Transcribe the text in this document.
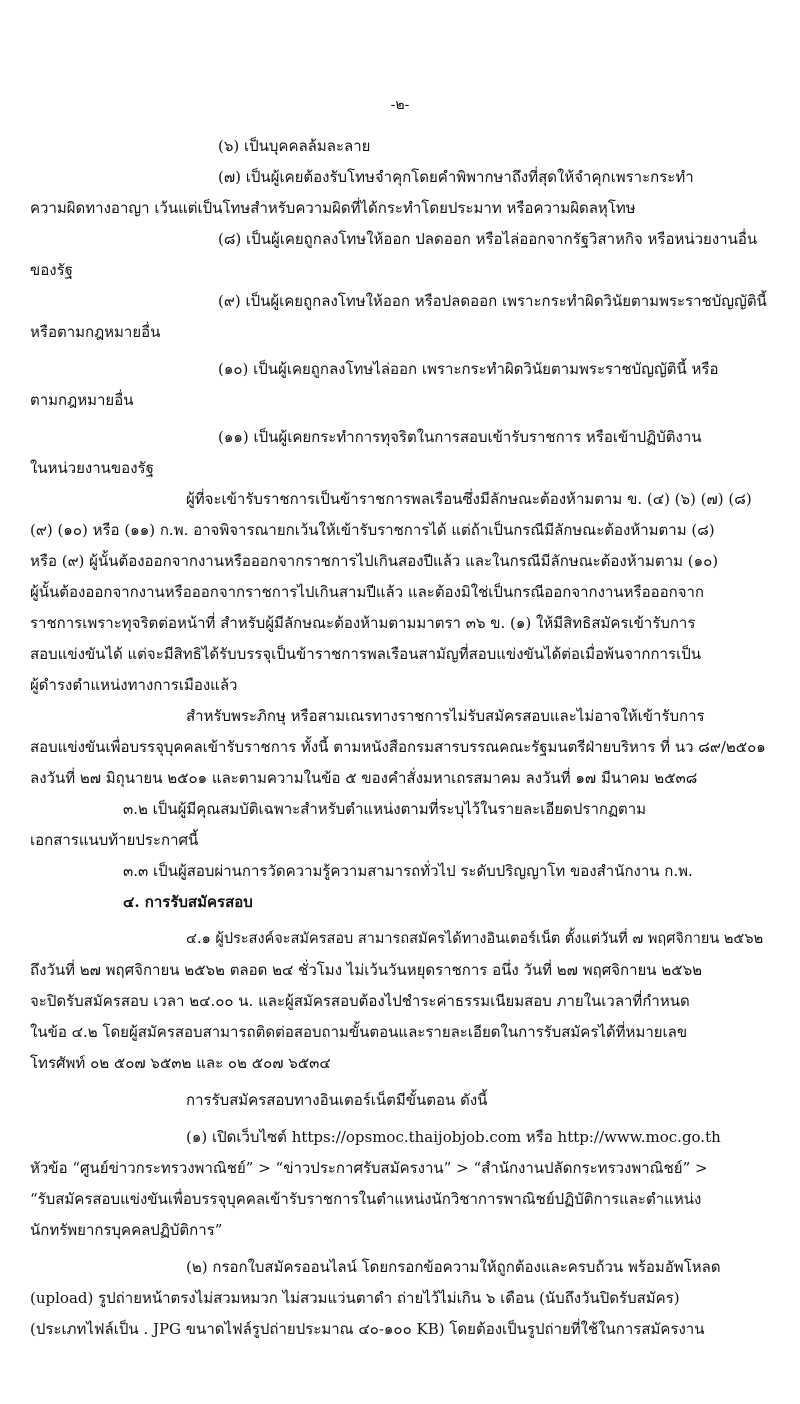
-๒-
(๖) เป็นบุคคลล้มละลาย
(๗) เป็นผู้เคยต้องรับโทษจำคุกโดยคำพิพากษาถึงที่สุดให้จำคุกเพราะกระทำ
ความผิดทางอาญา เว้นแต่เป็นโทษสำหรับความผิดที่ได้กระทำโดยประมาท หรือความผิดลหุโทษ
(๘) เป็นผู้เคยถูกลงโทษให้ออก ปลดออก หรือไล่ออกจากรัฐวิสาหกิจ หรือหน่วยงานอื่น
ของรัฐ
(๙) เป็นผู้เคยถูกลงโทษให้ออก หรือปลดออก เพราะกระทำผิดวินัยตามพระราชบัญญัตินี้
หรือตามกฎหมายอื่น
(๑๐) เป็นผู้เคยถูกลงโทษไล่ออก เพราะกระทำผิดวินัยตามพระราชบัญญัตินี้ หรือ
ตามกฎหมายอื่น
(๑๑) เป็นผู้เคยกระทำการทุจริตในการสอบเข้ารับราชการ หรือเข้าปฏิบัติงาน
ในหน่วยงานของรัฐ
ผู้ที่จะเข้ารับราชการเป็นข้าราชการพลเรือนซึ่งมีลักษณะต้องห้ามตาม ข. (๔) (๖) (๗) (๘)
(๙) (๑๐) หรือ (๑๑) ก.พ. อาจพิจารณายกเว้นให้เข้ารับราชการได้ แต่ถ้าเป็นกรณีมีลักษณะต้องห้ามตาม (๘)
หรือ (๙) ผู้นั้นต้องออกจากงานหรือออกจากราชการไปเกินสองปีแล้ว และในกรณีมีลักษณะต้องห้ามตาม (๑๐)
ผู้นั้นต้องออกจากงานหรือออกจากราชการไปเกินสามปีแล้ว และต้องมิใช่เป็นกรณีออกจากงานหรือออกจาก
ราชการเพราะทุจริตต่อหน้าที่ สำหรับผู้มีลักษณะต้องห้ามตามมาตรา ๓๖ ข. (๑) ให้มีสิทธิสมัครเข้ารับการ
สอบแข่งขันได้ แต่จะมีสิทธิได้รับบรรจุเป็นข้าราชการพลเรือนสามัญที่สอบแข่งขันได้ต่อเมื่อพ้นจากการเป็น
ผู้ดำรงตำแหน่งทางการเมืองแล้ว
สำหรับพระภิกษุ หรือสามเณรทางราชการไม่รับสมัครสอบและไม่อาจให้เข้ารับการ
สอบแข่งขันเพื่อบรรจุบุคคลเข้ารับราชการ ทั้งนี้ ตามหนังสือกรมสารบรรณคณะรัฐมนตรีฝ่ายบริหาร ที่ นว ๘๙/๒๕๐๑
ลงวันที่ ๒๗ มิถุนายน ๒๕๐๑ และตามความในข้อ ๕ ของคำสั่งมหาเถรสมาคม ลงวันที่ ๑๗ มีนาคม ๒๕๓๘
๓.๒ เป็นผู้มีคุณสมบัติเฉพาะสำหรับตำแหน่งตามที่ระบุไว้ในรายละเอียดปรากฏตาม
เอกสารแนบท้ายประกาศนี้
๓.๓ เป็นผู้สอบผ่านการวัดความรู้ความสามารถทั่วไป ระดับปริญญาโท ของสำนักงาน ก.พ.
๔. การรับสมัครสอบ
๔.๑ ผู้ประสงค์จะสมัครสอบ สามารถสมัครได้ทางอินเตอร์เน็ต ตั้งแต่วันที่ ๗ พฤศจิกายน ๒๕๖๒
ถึงวันที่ ๒๗ พฤศจิกายน ๒๕๖๒ ตลอด ๒๔ ชั่วโมง ไม่เว้นวันหยุดราชการ อนึ่ง วันที่ ๒๗ พฤศจิกายน ๒๕๖๒
จะปิดรับสมัครสอบ เวลา ๒๔.๐๐ น. และผู้สมัครสอบต้องไปชำระค่าธรรมเนียมสอบ ภายในเวลาที่กำหนด
ในข้อ ๔.๒ โดยผู้สมัครสอบสามารถติดต่อสอบถามขั้นตอนและรายละเอียดในการรับสมัครได้ที่หมายเลข
โทรศัพท์ ๐๒ ๕๐๗ ๖๕๓๒ และ ๐๒ ๕๐๗ ๖๕๓๔
การรับสมัครสอบทางอินเตอร์เน็ตมีขั้นตอน ดังนี้
(๑) เปิดเว็บไซต์ https://opsmoc.thaijobjob.com หรือ http://www.moc.go.th
หัวข้อ “ศูนย์ข่าวกระทรวงพาณิชย์” > “ข่าวประกาศรับสมัครงาน” > “สำนักงานปลัดกระทรวงพาณิชย์” >
“รับสมัครสอบแข่งขันเพื่อบรรจุบุคคลเข้ารับราชการในตำแหน่งนักวิชาการพาณิชย์ปฏิบัติการและตำแหน่ง
นักทรัพยากรบุคคลปฏิบัติการ”
(๒) กรอกใบสมัครออนไลน์ โดยกรอกข้อความให้ถูกต้องและครบถ้วน พร้อมอัพโหลด
(upload) รูปถ่ายหน้าตรงไม่สวมหมวก ไม่สวมแว่นตาดำ ถ่ายไว้ไม่เกิน ๖ เดือน (นับถึงวันปิดรับสมัคร)
(ประเภทไฟล์เป็น . JPG ขนาดไฟล์รูปถ่ายประมาณ ๔๐-๑๐๐ KB) โดยต้องเป็นรูปถ่ายที่ใช้ในการสมัครงาน
